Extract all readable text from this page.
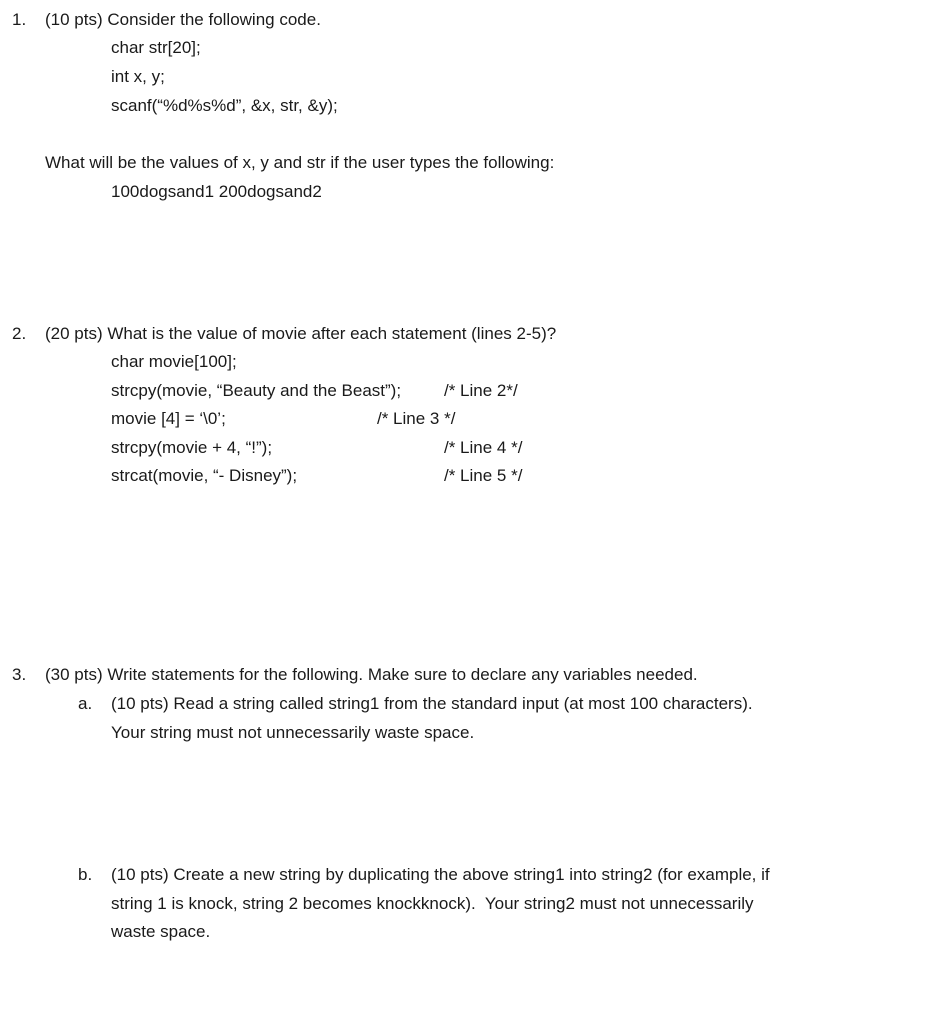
1. (10 pts) Consider the following code.
char str[20];
int x, y;
scanf(“%d%s%d”, &x, str, &y);
What will be the values of x, y and str if the user types the following:
100dogsand1 200dogsand2
2. (20 pts) What is the value of movie after each statement (lines 2-5)?
char movie[100];
strcpy(movie, “Beauty and the Beast”);	/* Line 2*/
movie [4] = ‘\0’;	/* Line 3 */
strcpy(movie + 4, “!”);	/* Line 4 */
strcat(movie, “- Disney”);	/* Line 5 */
3. (30 pts) Write statements for the following. Make sure to declare any variables needed.
a. (10 pts) Read a string called string1 from the standard input (at most 100 characters).
Your string must not unnecessarily waste space.
b. (10 pts) Create a new string by duplicating the above string1 into string2 (for example, if
string 1 is knock, string 2 becomes knockknock).  Your string2 must not unnecessarily
waste space.
